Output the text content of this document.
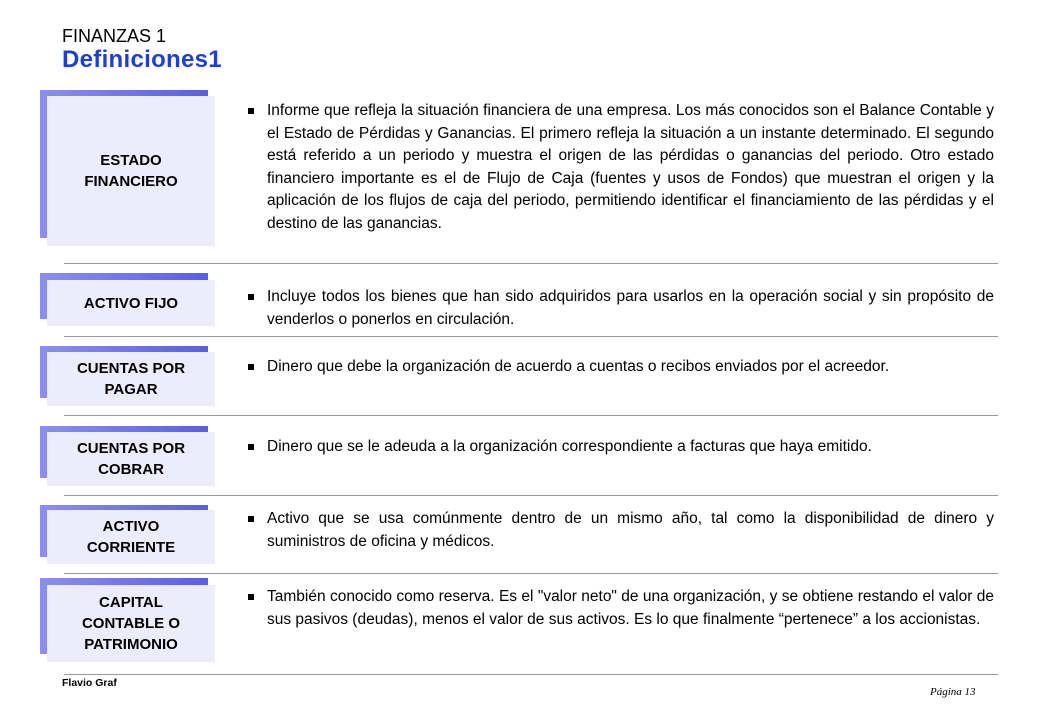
FINANZAS 1
Definiciones1
ESTADO FINANCIERO
Informe que refleja la situación financiera de una empresa. Los más conocidos son el Balance Contable y el Estado de Pérdidas y Ganancias. El primero refleja la situación a un instante determinado. El segundo está referido a un periodo y muestra el origen de las pérdidas o ganancias del periodo. Otro estado financiero importante es el de Flujo de Caja (fuentes y usos de Fondos) que muestran el origen y la aplicación de los flujos de caja del periodo, permitiendo identificar el financiamiento de las pérdidas y el destino de las ganancias.
ACTIVO FIJO	Incluye todos los bienes que han sido adquiridos para usarlos en la operación social y sin propósito de venderlos o ponerlos en circulación.
CUENTAS POR PAGAR
Dinero que debe la organización de acuerdo a cuentas o recibos enviados por el acreedor.
CUENTAS POR COBRAR
Dinero que se le adeuda a la organización correspondiente a facturas que haya emitido.
ACTIVO CORRIENTE
Activo que se usa comúnmente dentro de un mismo año, tal como la disponibilidad de dinero y suministros de oficina y médicos.
CAPITAL CONTABLE O PATRIMONIO
También conocido como reserva. Es el "valor neto" de una organización, y se obtiene restando el valor de sus pasivos (deudas), menos el valor de sus activos. Es lo que finalmente “pertenece” a los accionistas.
Flavio Graf
Página 13
